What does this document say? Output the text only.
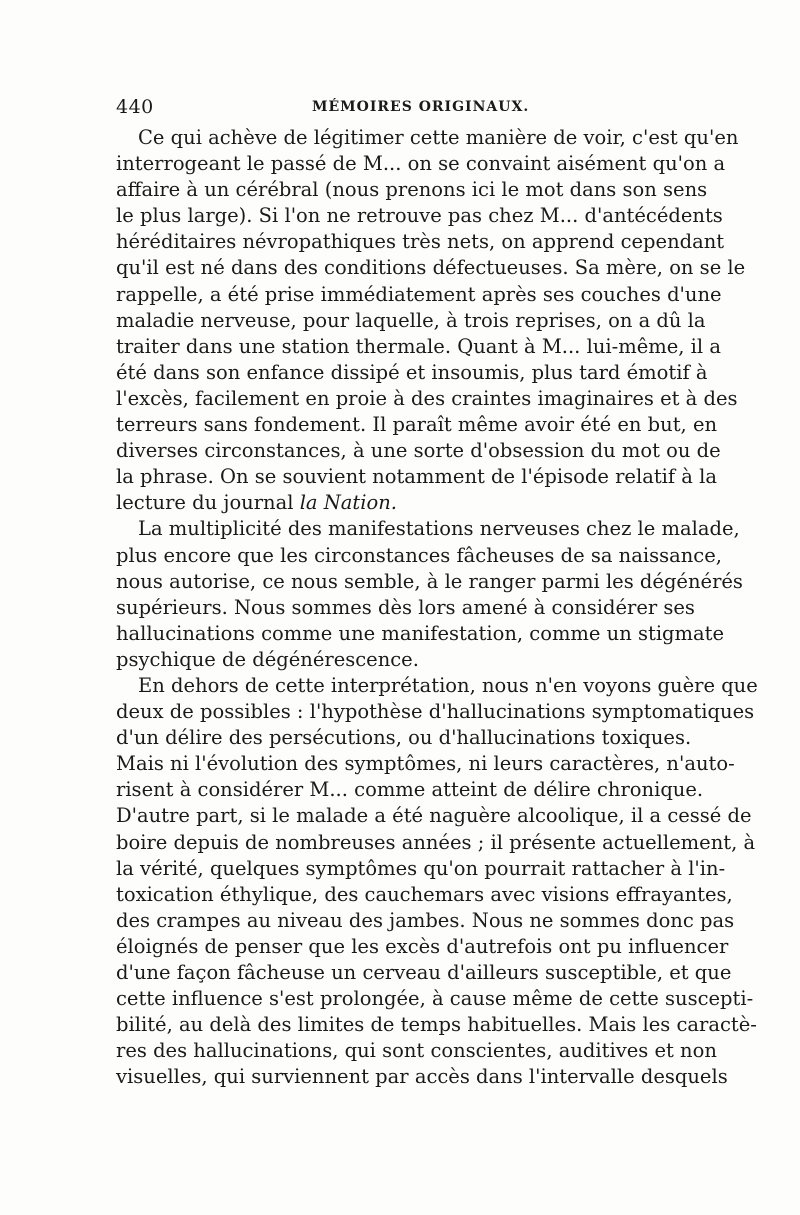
440	MÉMOIRES ORIGINAUX.
Ce qui achève de légitimer cette manière de voir, c'est qu'en
interrogeant le passé de M... on se convaint aisément qu'on a
affaire à un cérébral (nous prenons ici le mot dans son sens
le plus large). Si l'on ne retrouve pas chez M... d'antécédents
héréditaires névropathiques très nets, on apprend cependant
qu'il est né dans des conditions défectueuses. Sa mère, on se le
rappelle, a été prise immédiatement après ses couches d'une
maladie nerveuse, pour laquelle, à trois reprises, on a dû la
traiter dans une station thermale. Quant à M... lui-même, il a
été dans son enfance dissipé et insoumis, plus tard émotif à
l'excès, facilement en proie à des craintes imaginaires et à des
terreurs sans fondement. Il paraît même avoir été en but, en
diverses circonstances, à une sorte d'obsession du mot ou de
la phrase. On se souvient notamment de l'épisode relatif à la
lecture du journal la Nation.
La multiplicité des manifestations nerveuses chez le malade,
plus encore que les circonstances fâcheuses de sa naissance,
nous autorise, ce nous semble, à le ranger parmi les dégénérés
supérieurs. Nous sommes dès lors amené à considérer ses
hallucinations comme une manifestation, comme un stigmate
psychique de dégénérescence.
En dehors de cette interprétation, nous n'en voyons guère que
deux de possibles : l'hypothèse d'hallucinations symptomatiques
d'un délire des persécutions, ou d'hallucinations toxiques.
Mais ni l'évolution des symptômes, ni leurs caractères, n'auto-
risent à considérer M... comme atteint de délire chronique.
D'autre part, si le malade a été naguère alcoolique, il a cessé de
boire depuis de nombreuses années ; il présente actuellement, à
la vérité, quelques symptômes qu'on pourrait rattacher à l'in-
toxication éthylique, des cauchemars avec visions effrayantes,
des crampes au niveau des jambes. Nous ne sommes donc pas
éloignés de penser que les excès d'autrefois ont pu influencer
d'une façon fâcheuse un cerveau d'ailleurs susceptible, et que
cette influence s'est prolongée, à cause même de cette suscepti-
bilité, au delà des limites de temps habituelles. Mais les caractè-
res des hallucinations, qui sont conscientes, auditives et non
visuelles, qui surviennent par accès dans l'intervalle desquels
